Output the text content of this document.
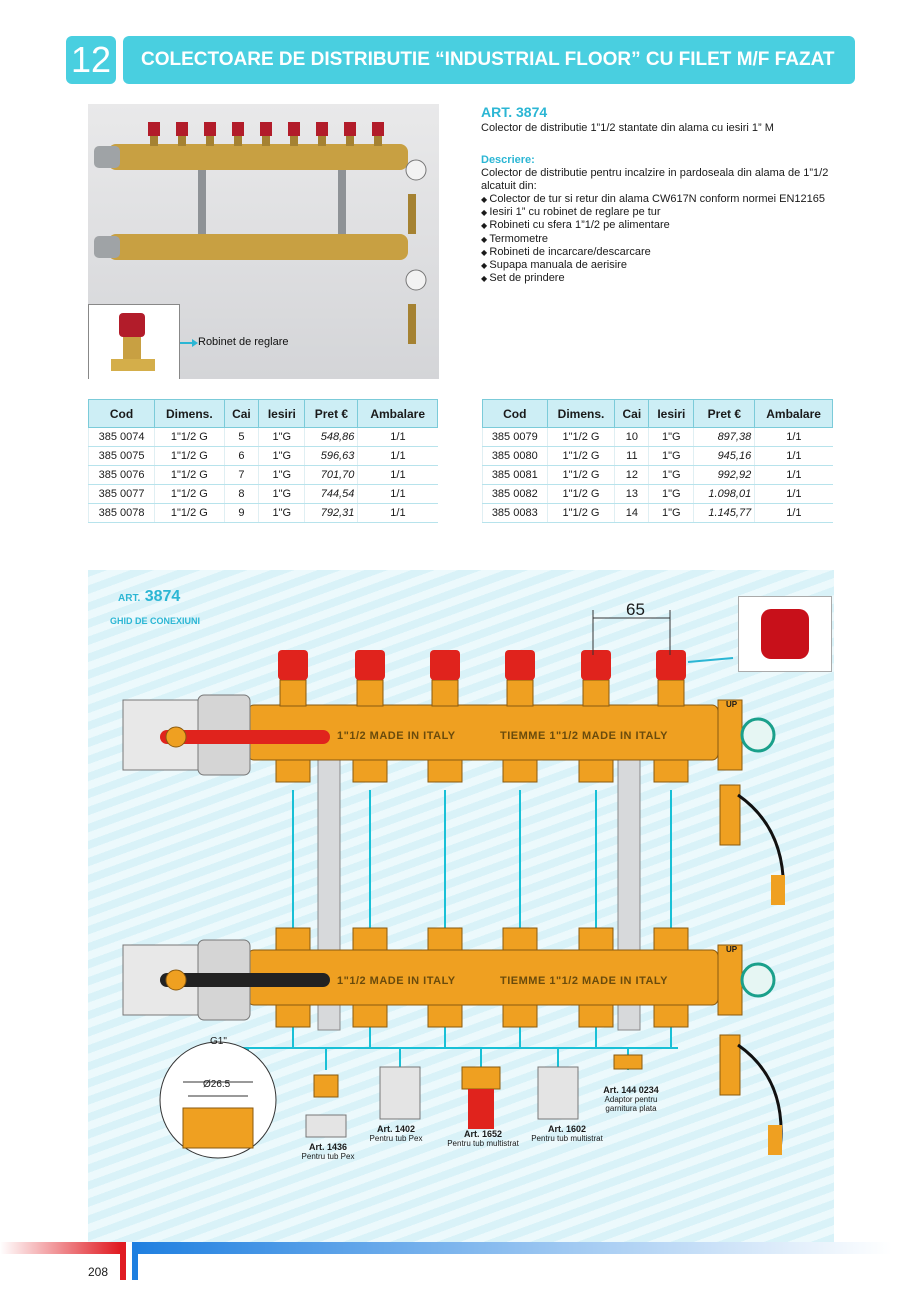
12	COLECTOARE DE DISTRIBUTIE “INDUSTRIAL FLOOR” CU FILET M/F FAZAT
Robinet de reglare
ART. 3874
Colector de distributie 1”1/2 stantate din alama cu iesiri 1” M
Descriere:
Colector de distributie pentru incalzire in pardoseala din alama de 1”1/2 alcatuit din:
◆ Colector de tur si retur din alama CW617N conform normei EN12165
◆ Iesiri 1” cu robinet de reglare pe tur
◆ Robineti cu sfera 1”1/2 pe alimentare
◆ Termometre
◆ Robineti de incarcare/descarcare
◆ Supapa manuala de aerisire
◆ Set de prindere
Cod	Dimens.	Cai	Iesiri	Pret €	Ambalare
385 0074	1"1/2 G	5	1"G	548,86	1/1
385 0075	1"1/2 G	6	1"G	596,63	1/1
385 0076	1"1/2 G	7	1"G	701,70	1/1
385 0077	1"1/2 G	8	1"G	744,54	1/1
385 0078	1"1/2 G	9	1"G	792,31	1/1
Cod	Dimens.	Cai	Iesiri	Pret €	Ambalare
385 0079	1"1/2 G	10	1"G	897,38	1/1
385 0080	1"1/2 G	11	1"G	945,16	1/1
385 0081	1"1/2 G	12	1"G	992,92	1/1
385 0082	1"1/2 G	13	1"G	1.098,01	1/1
385 0083	1"1/2 G	14	1"G	1.145,77	1/1
ART. 3874
GHID DE CONEXIUNI
65
1"1/2 MADE IN ITALY	TIEMME 1"1/2 MADE IN ITALY
1"1/2 MADE IN ITALY	TIEMME 1"1/2 MADE IN ITALY
UP
UP
G1"
Ø26.5
Art. 1436
Pentru tub Pex
Art. 1402
Pentru tub Pex	Art. 1652
Pentru tub multistrat
Art. 1602
Pentru tub multistrat
Art. 144 0234
Adaptor pentru garnitura plata
208
